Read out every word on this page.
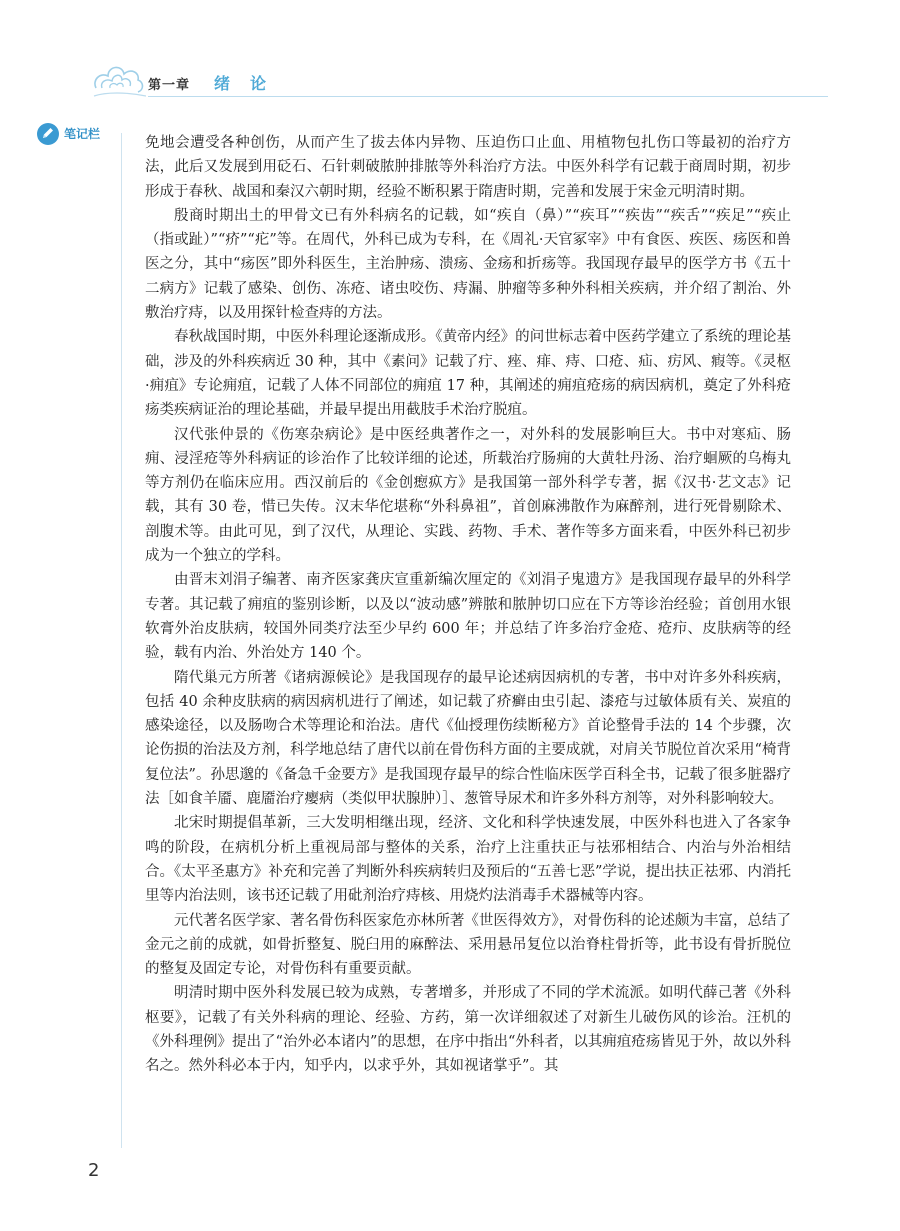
第一章 绪论
笔记栏

免地会遭受各种创伤，从而产生了拔去体内异物、压迫伤口止血、用植物包扎伤口等最初的治疗方法，此后又发展到用砭石、石针刺破脓肿排脓等外科治疗方法。中医外科学有记载于商周时期，初步形成于春秋、战国和秦汉六朝时期，经验不断积累于隋唐时期，完善和发展于宋金元明清时期。

殷商时期出土的甲骨文已有外科病名的记载，如“疾自（鼻）”“疾耳”“疾齿”“疾舌”“疾足”“疾止（指或趾）”“疥”“疕”等。在周代，外科已成为专科，在《周礼·天官冢宰》中有食医、疾医、疡医和兽医之分，其中“疡医”即外科医生，主治肿疡、溃疡、金疡和折疡等。我国现存最早的医学方书《五十二病方》记载了感染、创伤、冻疮、诸虫咬伤、痔漏、肿瘤等多种外科相关疾病，并介绍了割治、外敷治疗痔，以及用探针检查痔的方法。

春秋战国时期，中医外科理论逐渐成形。《黄帝内经》的问世标志着中医药学建立了系统的理论基础，涉及的外科疾病近 30 种，其中《素问》记载了疔、痤、痱、痔、口疮、疝、疠风、瘕等。《灵枢·痈疽》专论痈疽，记载了人体不同部位的痈疽 17 种，其阐述的痈疽疮疡的病因病机，奠定了外科疮疡类疾病证治的理论基础，并最早提出用截肢手术治疗脱疽。

汉代张仲景的《伤寒杂病论》是中医经典著作之一，对外科的发展影响巨大。书中对寒疝、肠痈、浸淫疮等外科病证的诊治作了比较详细的论述，所载治疗肠痈的大黄牡丹汤、治疗蛔厥的乌梅丸等方剂仍在临床应用。西汉前后的《金创瘛疭方》是我国第一部外科学专著，据《汉书·艺文志》记载，其有 30 卷，惜已失传。汉末华佗堪称“外科鼻祖”，首创麻沸散作为麻醉剂，进行死骨剔除术、剖腹术等。由此可见，到了汉代，从理论、实践、药物、手术、著作等多方面来看，中医外科已初步成为一个独立的学科。

由晋末刘涓子编著、南齐医家龚庆宣重新编次厘定的《刘涓子鬼遗方》是我国现存最早的外科学专著。其记载了痈疽的鉴别诊断，以及以“波动感”辨脓和脓肿切口应在下方等诊治经验；首创用水银软膏外治皮肤病，较国外同类疗法至少早约 600 年；并总结了许多治疗金疮、疮疖、皮肤病等的经验，载有内治、外治处方 140 个。

隋代巢元方所著《诸病源候论》是我国现存的最早论述病因病机的专著，书中对许多外科疾病，包括 40 余种皮肤病的病因病机进行了阐述，如记载了疥癣由虫引起、漆疮与过敏体质有关、炭疽的感染途径，以及肠吻合术等理论和治法。唐代《仙授理伤续断秘方》首论整骨手法的 14 个步骤，次论伤损的治法及方剂，科学地总结了唐代以前在骨伤科方面的主要成就，对肩关节脱位首次采用“椅背复位法”。孙思邈的《备急千金要方》是我国现存最早的综合性临床医学百科全书，记载了很多脏器疗法［如食羊靥、鹿靥治疗瘿病（类似甲状腺肿）］、葱管导尿术和许多外科方剂等，对外科影响较大。

北宋时期提倡革新，三大发明相继出现，经济、文化和科学快速发展，中医外科也进入了各家争鸣的阶段，在病机分析上重视局部与整体的关系，治疗上注重扶正与祛邪相结合、内治与外治相结合。《太平圣惠方》补充和完善了判断外科疾病转归及预后的“五善七恶”学说，提出扶正祛邪、内消托里等内治法则，该书还记载了用砒剂治疗痔核、用烧灼法消毒手术器械等内容。

元代著名医学家、著名骨伤科医家危亦林所著《世医得效方》，对骨伤科的论述颇为丰富，总结了金元之前的成就，如骨折整复、脱臼用的麻醉法、采用悬吊复位以治脊柱骨折等，此书设有骨折脱位的整复及固定专论，对骨伤科有重要贡献。

明清时期中医外科发展已较为成熟，专著增多，并形成了不同的学术流派。如明代薛己著《外科枢要》，记载了有关外科病的理论、经验、方药，第一次详细叙述了对新生儿破伤风的诊治。汪机的《外科理例》提出了“治外必本诸内”的思想，在序中指出“外科者，以其痈疽疮疡皆见于外，故以外科名之。然外科必本于内，知乎内，以求乎外，其如视诸掌乎”。其

2
